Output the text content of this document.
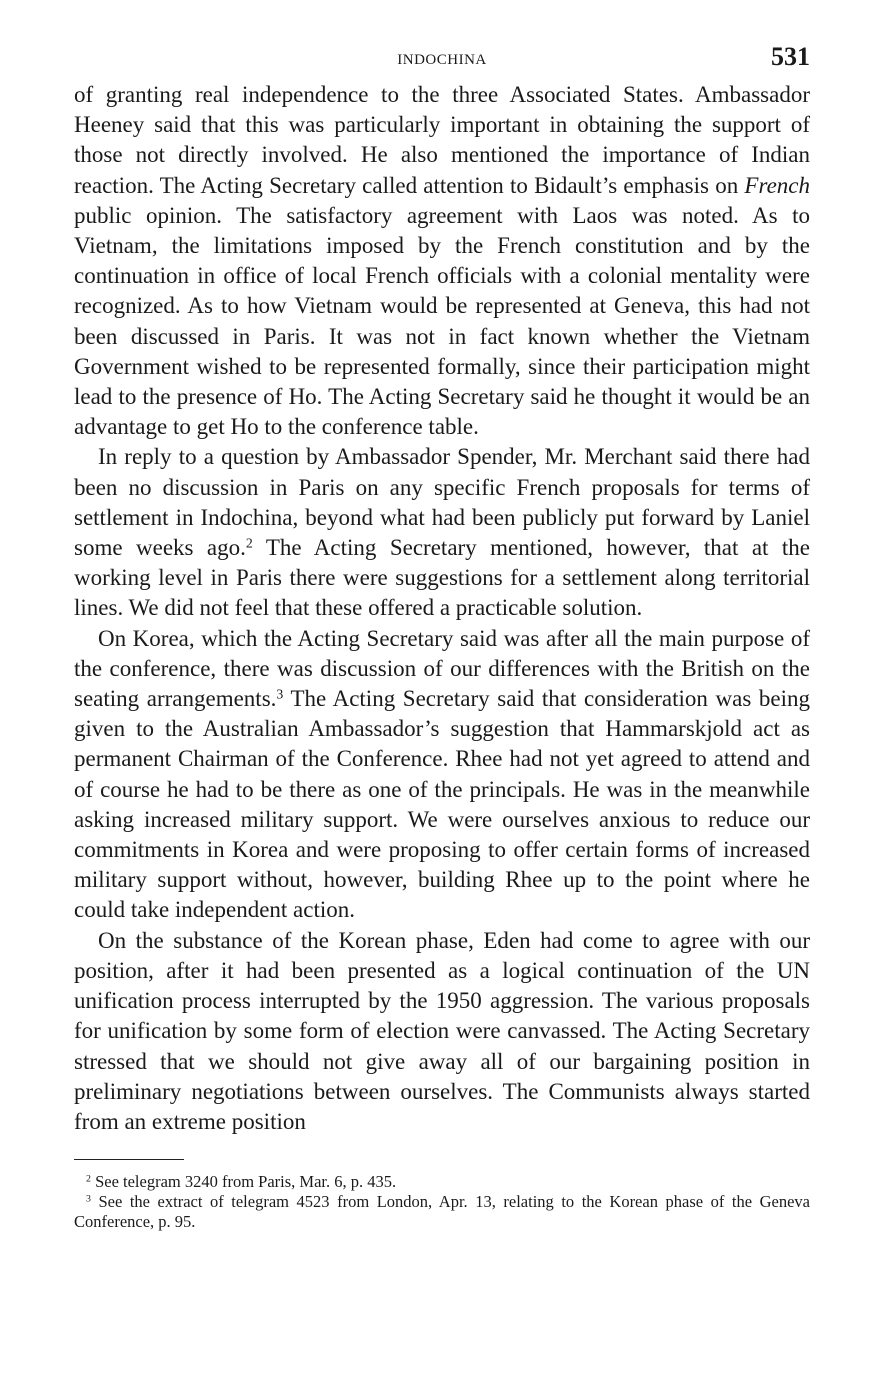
INDOCHINA	531

of granting real independence to the three Associated States. Ambassador Heeney said that this was particularly important in obtaining the support of those not directly involved. He also mentioned the importance of Indian reaction. The Acting Secretary called attention to Bidault’s emphasis on French public opinion. The satisfactory agreement with Laos was noted. As to Vietnam, the limitations imposed by the French constitution and by the continuation in office of local French officials with a colonial mentality were recognized. As to how Vietnam would be represented at Geneva, this had not been discussed in Paris. It was not in fact known whether the Vietnam Government wished to be represented formally, since their participation might lead to the presence of Ho. The Acting Secretary said he thought it would be an advantage to get Ho to the conference table.

In reply to a question by Ambassador Spender, Mr. Merchant said there had been no discussion in Paris on any specific French proposals for terms of settlement in Indochina, beyond what had been publicly put forward by Laniel some weeks ago.$^2$ The Acting Secretary mentioned, however, that at the working level in Paris there were suggestions for a settlement along territorial lines. We did not feel that these offered a practicable solution.

On Korea, which the Acting Secretary said was after all the main purpose of the conference, there was discussion of our differences with the British on the seating arrangements.$^3$ The Acting Secretary said that consideration was being given to the Australian Ambassador’s suggestion that Hammarskjold act as permanent Chairman of the Conference. Rhee had not yet agreed to attend and of course he had to be there as one of the principals. He was in the meanwhile asking increased military support. We were ourselves anxious to reduce our commitments in Korea and were proposing to offer certain forms of increased military support without, however, building Rhee up to the point where he could take independent action.

On the substance of the Korean phase, Eden had come to agree with our position, after it had been presented as a logical continuation of the UN unification process interrupted by the 1950 aggression. The various proposals for unification by some form of election were canvassed. The Acting Secretary stressed that we should not give away all of our bargaining position in preliminary negotiations between ourselves. The Communists always started from an extreme position

$^2$ See telegram 3240 from Paris, Mar. 6, p. 435.

$^3$ See the extract of telegram 4523 from London, Apr. 13, relating to the Korean phase of the Geneva Conference, p. 95.
